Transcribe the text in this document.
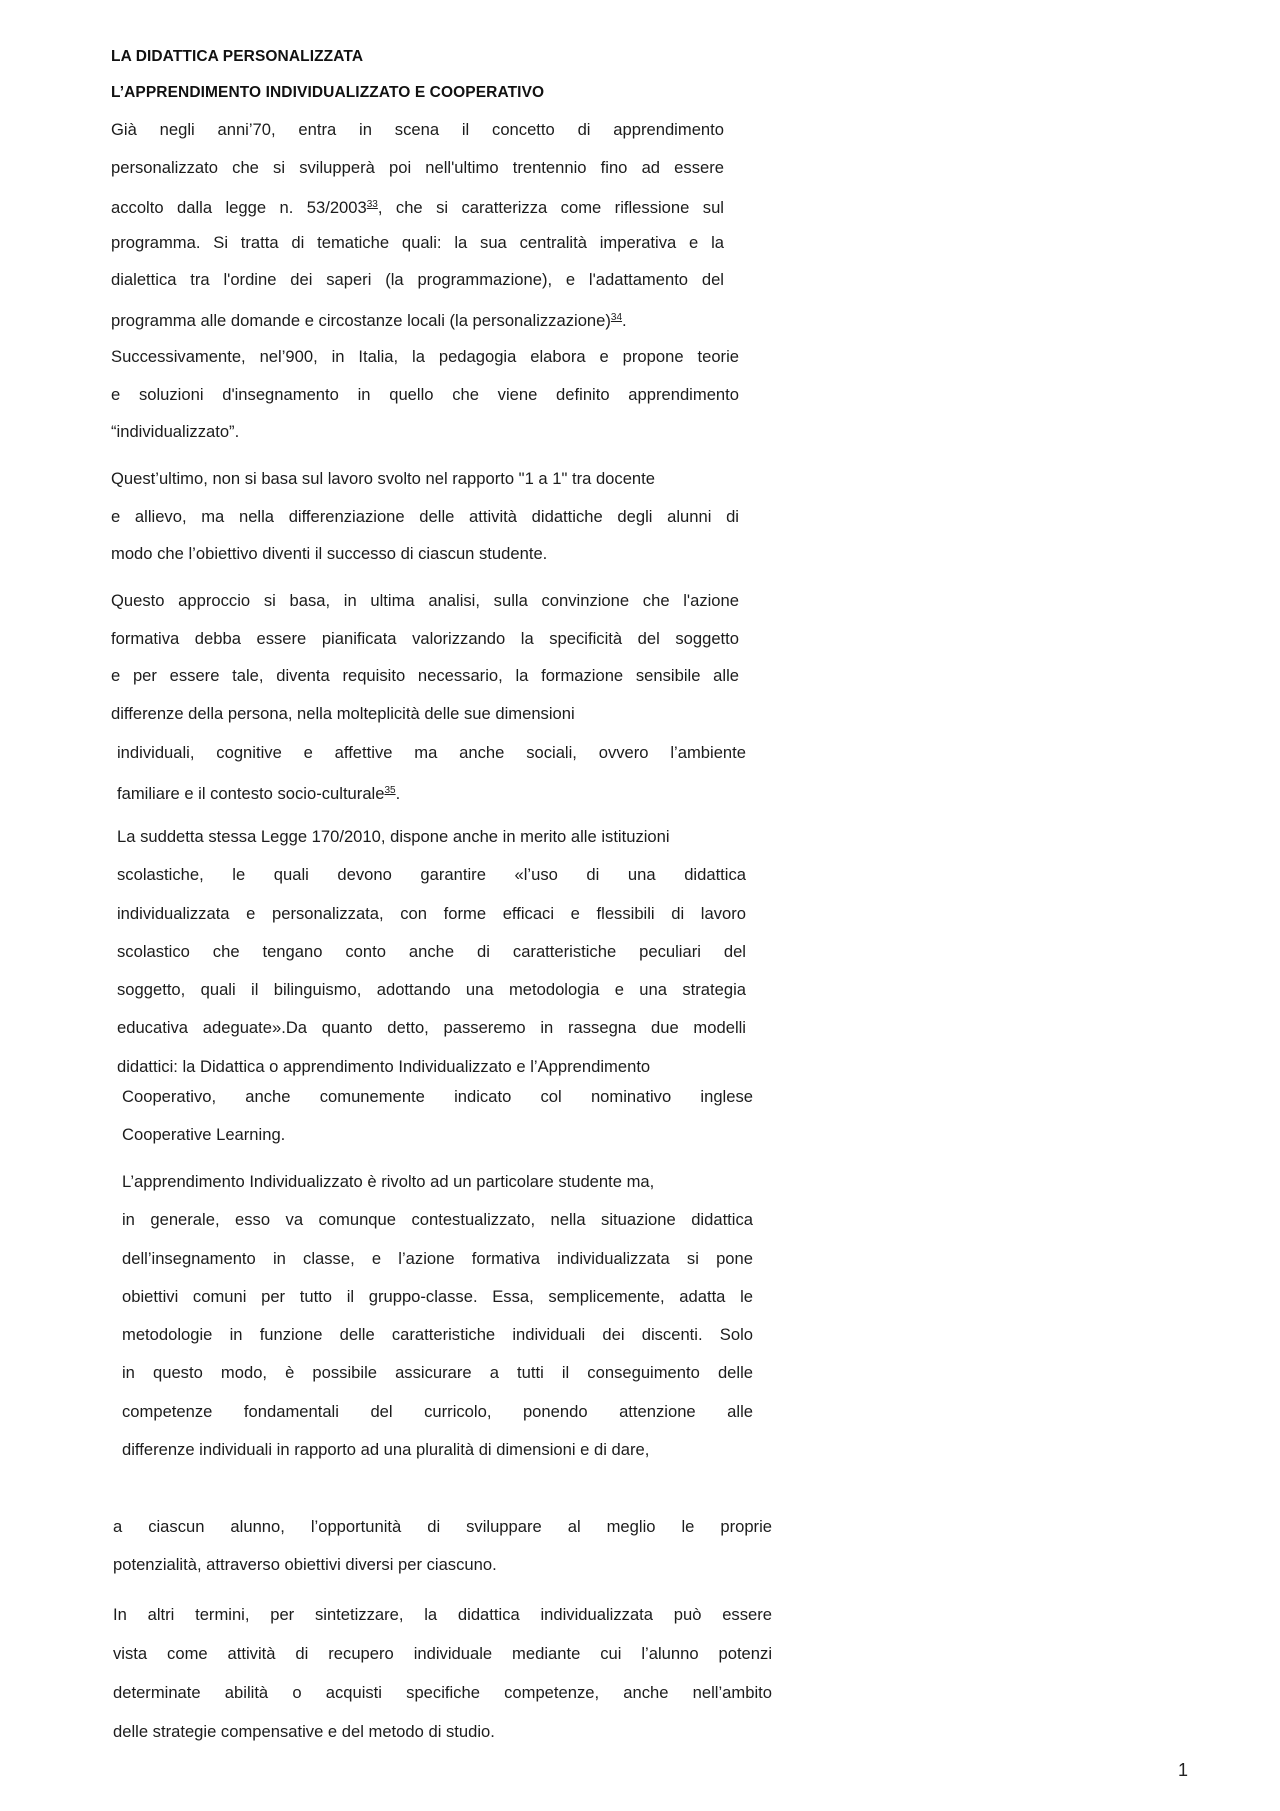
LA DIDATTICA PERSONALIZZATA
L’APPRENDIMENTO INDIVIDUALIZZATO E COOPERATIVO
Già negli anni’70, entra in scena il concetto di apprendimento
personalizzato che si svilupperà poi nell'ultimo trentennio fino ad essere
accolto dalla legge n. 53/2003$^{33}$, che si caratterizza come riflessione sul
programma. Si tratta di tematiche quali: la sua centralità imperativa e la
dialettica tra l'ordine dei saperi (la programmazione), e l'adattamento del
programma alle domande e circostanze locali (la personalizzazione)$^{34}$.
Successivamente, nel’900, in Italia, la pedagogia elabora e propone teorie
e soluzioni d'insegnamento in quello che viene definito apprendimento
“individualizzato”.
Quest’ultimo, non si basa sul lavoro svolto nel rapporto "1 a 1" tra docente
e allievo, ma nella differenziazione delle attività didattiche degli alunni di
modo che l’obiettivo diventi il successo di ciascun studente.
Questo approccio si basa, in ultima analisi, sulla convinzione che l'azione
formativa debba essere pianificata valorizzando la specificità del soggetto
e per essere tale, diventa requisito necessario, la formazione sensibile alle
differenze della persona, nella molteplicità delle sue dimensioni
individuali, cognitive e affettive ma anche sociali, ovvero l’ambiente
familiare e il contesto socio-culturale$^{35}$.
La suddetta stessa Legge 170/2010, dispone anche in merito alle istituzioni
scolastiche, le quali devono garantire «l’uso di una didattica
individualizzata e personalizzata, con forme efficaci e flessibili di lavoro
scolastico che tengano conto anche di caratteristiche peculiari del
soggetto, quali il bilinguismo, adottando una metodologia e una strategia
educativa adeguate».Da quanto detto, passeremo in rassegna due modelli
didattici: la Didattica o apprendimento Individualizzato e l’Apprendimento
Cooperativo, anche comunemente indicato col nominativo inglese
Cooperative Learning.
L’apprendimento Individualizzato è rivolto ad un particolare studente ma,
in generale, esso va comunque contestualizzato, nella situazione didattica
dell’insegnamento in classe, e l’azione formativa individualizzata si pone
obiettivi comuni per tutto il gruppo-classe. Essa, semplicemente, adatta le
metodologie in funzione delle caratteristiche individuali dei discenti. Solo
in questo modo, è possibile assicurare a tutti il conseguimento delle
competenze fondamentali del curricolo, ponendo attenzione alle
differenze individuali in rapporto ad una pluralità di dimensioni e di dare,
a ciascun alunno, l’opportunità di sviluppare al meglio le proprie
potenzialità, attraverso obiettivi diversi per ciascuno.
In altri termini, per sintetizzare, la didattica individualizzata può essere
vista come attività di recupero individuale mediante cui l’alunno potenzi
determinate abilità o acquisti specifiche competenze, anche nell’ambito
delle strategie compensative e del metodo di studio.
1
